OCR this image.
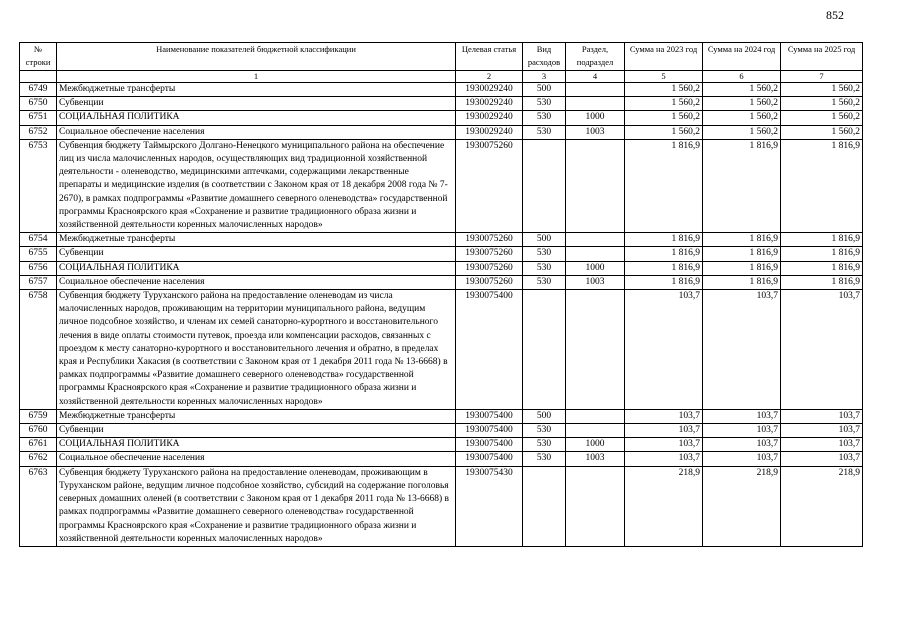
852
№ строки	Наименование показателей бюджетной классификации	Целевая статья	Вид расходов	Раздел, подраздел	Сумма на 2023 год	Сумма на 2024 год	Сумма на 2025 год
	1	2	3	4	5	6	7
6749	Межбюджетные трансферты	1930029240	500		1 560,2	1 560,2	1 560,2
6750	Субвенции	1930029240	530		1 560,2	1 560,2	1 560,2
6751	СОЦИАЛЬНАЯ ПОЛИТИКА	1930029240	530	1000	1 560,2	1 560,2	1 560,2
6752	Социальное обеспечение населения	1930029240	530	1003	1 560,2	1 560,2	1 560,2
6753	Субвенция бюджету Таймырского Долгано-Ненецкого муниципального района на обеспечение лиц из числа малочисленных народов, осуществляющих вид традиционной хозяйственной деятельности - оленеводство, медицинскими аптечками, содержащими лекарственные препараты и медицинские изделия (в соответствии с Законом края от 18 декабря 2008 года № 7-2670), в рамках подпрограммы «Развитие домашнего северного оленеводства» государственной программы Красноярского края «Сохранение и развитие традиционного образа жизни и хозяйственной деятельности коренных малочисленных народов»	1930075260			1 816,9	1 816,9	1 816,9
6754	Межбюджетные трансферты	1930075260	500		1 816,9	1 816,9	1 816,9
6755	Субвенции	1930075260	530		1 816,9	1 816,9	1 816,9
6756	СОЦИАЛЬНАЯ ПОЛИТИКА	1930075260	530	1000	1 816,9	1 816,9	1 816,9
6757	Социальное обеспечение населения	1930075260	530	1003	1 816,9	1 816,9	1 816,9
6758	Субвенция бюджету Туруханского района на предоставление оленеводам из числа малочисленных народов, проживающим на территории муниципального района, ведущим личное подсобное хозяйство, и членам их семей санаторно-курортного и восстановительного лечения в виде оплаты стоимости путевок, проезда или компенсации расходов, связанных с проездом к месту санаторно-курортного и восстановительного лечения и обратно, в пределах края и Республики Хакасия (в соответствии с Законом края от 1 декабря 2011 года № 13-6668) в рамках подпрограммы «Развитие домашнего северного оленеводства» государственной программы Красноярского края «Сохранение и развитие традиционного образа жизни и хозяйственной деятельности коренных малочисленных народов»	1930075400			103,7	103,7	103,7
6759	Межбюджетные трансферты	1930075400	500		103,7	103,7	103,7
6760	Субвенции	1930075400	530		103,7	103,7	103,7
6761	СОЦИАЛЬНАЯ ПОЛИТИКА	1930075400	530	1000	103,7	103,7	103,7
6762	Социальное обеспечение населения	1930075400	530	1003	103,7	103,7	103,7
6763	Субвенция бюджету Туруханского района на предоставление оленеводам, проживающим в Туруханском районе, ведущим личное подсобное хозяйство, субсидий на содержание поголовья северных домашних оленей (в соответствии с Законом края от 1 декабря 2011 года № 13-6668) в рамках подпрограммы «Развитие домашнего северного оленеводства» государственной программы Красноярского края «Сохранение и развитие традиционного образа жизни и хозяйственной деятельности коренных малочисленных народов»	1930075430			218,9	218,9	218,9
